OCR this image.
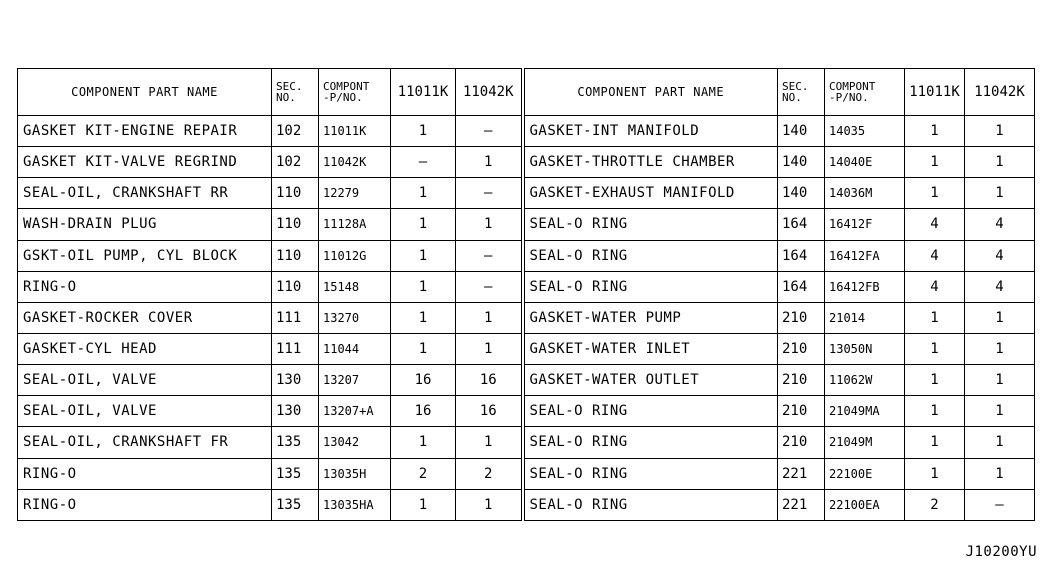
COMPONENT PART NAME	SEC.
NO.	COMPONT
-P/NO.	11011K	11042K	COMPONENT PART NAME	SEC.
NO.	COMPONT
-P/NO.	11011K	11042K
GASKET KIT-ENGINE REPAIR	102	11011K	1	–	GASKET-INT MANIFOLD	140	14035	1	1
GASKET KIT-VALVE REGRIND	102	11042K	–	1	GASKET-THROTTLE CHAMBER	140	14040E	1	1
SEAL-OIL, CRANKSHAFT RR	110	12279	1	–	GASKET-EXHAUST MANIFOLD	140	14036M	1	1
WASH-DRAIN PLUG	110	11128A	1	1	SEAL-O RING	164	16412F	4	4
GSKT-OIL PUMP, CYL BLOCK	110	11012G	1	–	SEAL-O RING	164	16412FA	4	4
RING-O	110	15148	1	–	SEAL-O RING	164	16412FB	4	4
GASKET-ROCKER COVER	111	13270	1	1	GASKET-WATER PUMP	210	21014	1	1
GASKET-CYL HEAD	111	11044	1	1	GASKET-WATER INLET	210	13050N	1	1
SEAL-OIL, VALVE	130	13207	16	16	GASKET-WATER OUTLET	210	11062W	1	1
SEAL-OIL, VALVE	130	13207+A	16	16	SEAL-O RING	210	21049MA	1	1
SEAL-OIL, CRANKSHAFT FR	135	13042	1	1	SEAL-O RING	210	21049M	1	1
RING-O	135	13035H	2	2	SEAL-O RING	221	22100E	1	1
RING-O	135	13035HA	1	1	SEAL-O RING	221	22100EA	2	–
J10200YU
